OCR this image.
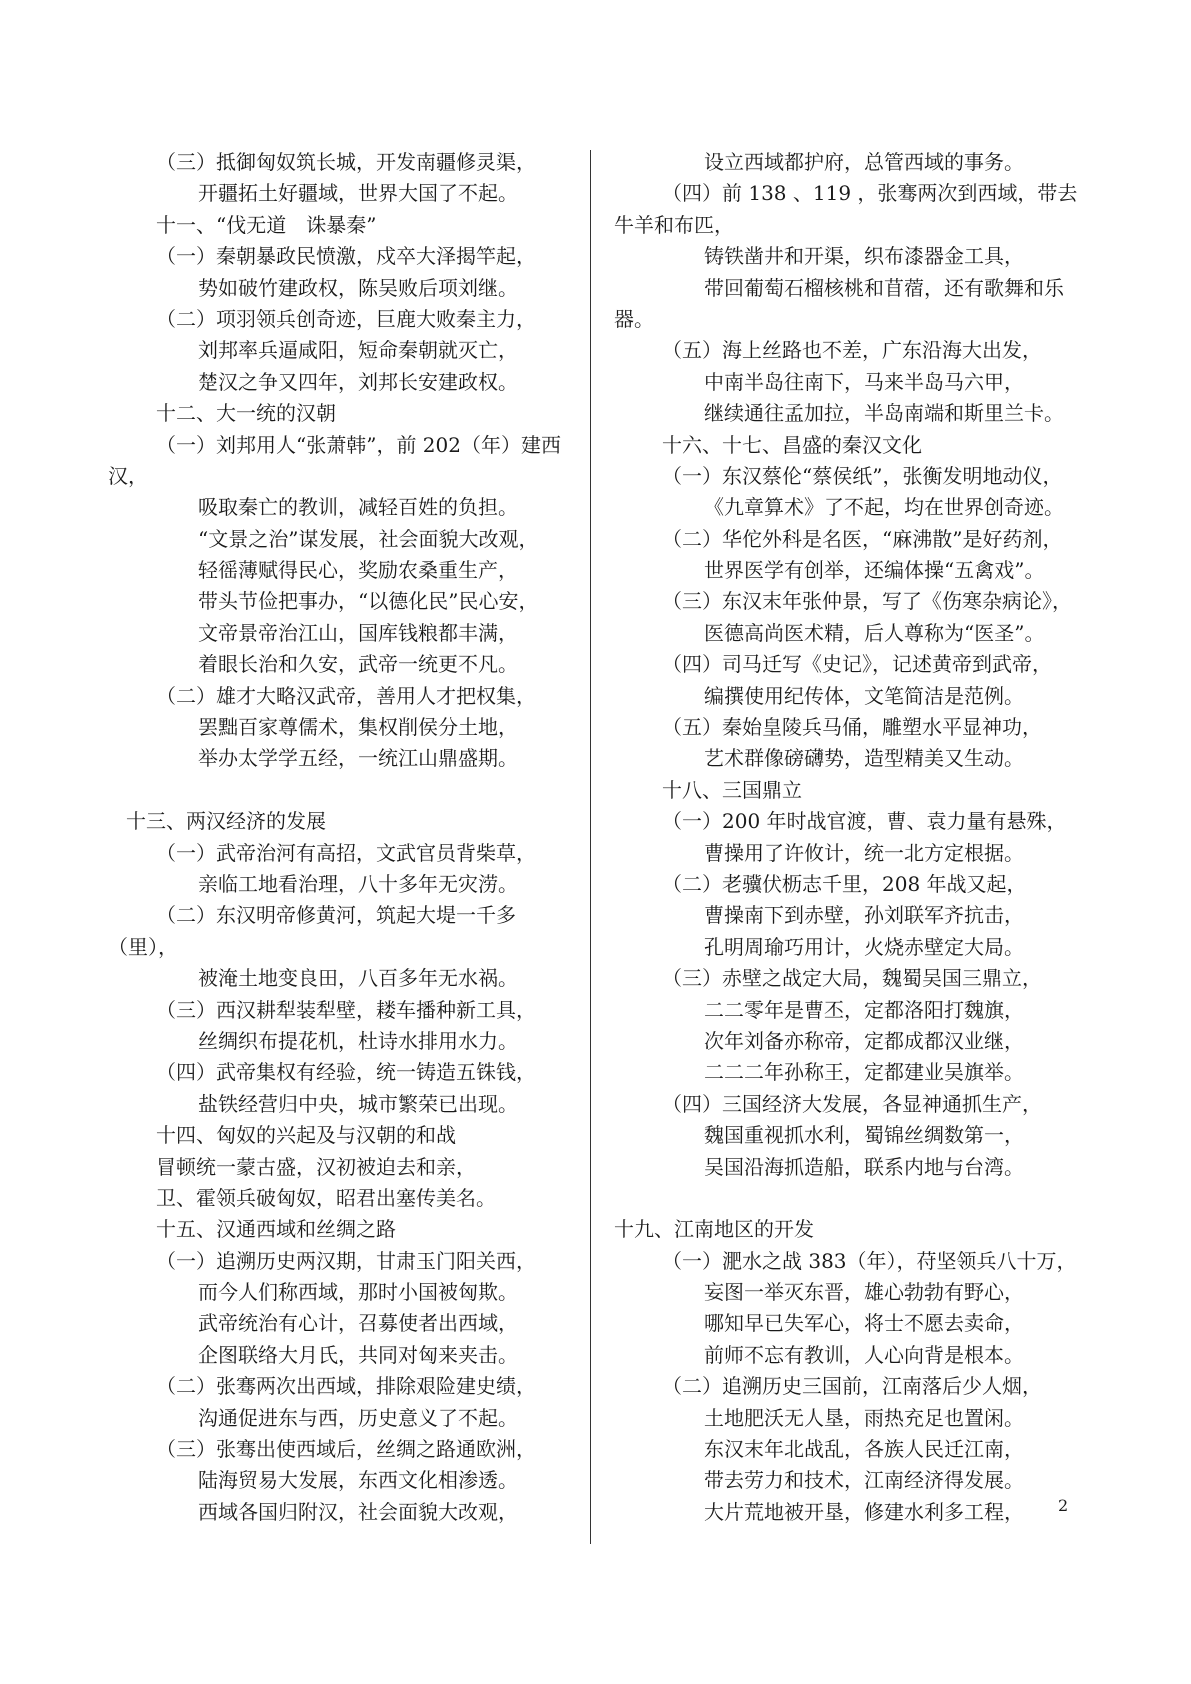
（三）抵御匈奴筑长城，开发南疆修灵渠，
开疆拓土好疆域，世界大国了不起。
十一、“伐无道　诛暴秦”
（一）秦朝暴政民愤激，戍卒大泽揭竿起，
势如破竹建政权，陈吴败后项刘继。
（二）项羽领兵创奇迹，巨鹿大败秦主力，
刘邦率兵逼咸阳，短命秦朝就灭亡，
楚汉之争又四年，刘邦长安建政权。
十二、大一统的汉朝
（一）刘邦用人“张萧韩”，前 202（年）建西
汉，
吸取秦亡的教训，减轻百姓的负担。
“文景之治”谋发展，社会面貌大改观，
轻徭薄赋得民心，奖励农桑重生产，
带头节俭把事办，“以德化民”民心安，
文帝景帝治江山，国库钱粮都丰满，
着眼长治和久安，武帝一统更不凡。
（二）雄才大略汉武帝，善用人才把权集，
罢黜百家尊儒术，集权削侯分土地，
举办太学学五经，一统江山鼎盛期。
十三、两汉经济的发展
（一）武帝治河有高招，文武官员背柴草，
亲临工地看治理，八十多年无灾涝。
（二）东汉明帝修黄河，筑起大堤一千多
（里），
被淹土地变良田，八百多年无水祸。
（三）西汉耕犁装犁壁，耧车播种新工具，
丝绸织布提花机，杜诗水排用水力。
（四）武帝集权有经验，统一铸造五铢钱，
盐铁经营归中央，城市繁荣已出现。
十四、匈奴的兴起及与汉朝的和战
冒顿统一蒙古盛，汉初被迫去和亲，
卫、霍领兵破匈奴，昭君出塞传美名。
十五、汉通西域和丝绸之路
（一）追溯历史两汉期，甘肃玉门阳关西，
而今人们称西域，那时小国被匈欺。
武帝统治有心计，召募使者出西域，
企图联络大月氏，共同对匈来夹击。
（二）张骞两次出西域，排除艰险建史绩，
沟通促进东与西，历史意义了不起。
（三）张骞出使西域后，丝绸之路通欧洲，
陆海贸易大发展，东西文化相渗透。
西域各国归附汉，社会面貌大改观，
设立西域都护府，总管西域的事务。
（四）前 138 、119 ，张骞两次到西域，带去
牛羊和布匹，
铸铁凿井和开渠，织布漆器金工具，
带回葡萄石榴核桃和苜蓿，还有歌舞和乐
器。
（五）海上丝路也不差，广东沿海大出发，
中南半岛往南下，马来半岛马六甲，
继续通往孟加拉，半岛南端和斯里兰卡。
十六、十七、昌盛的秦汉文化
（一）东汉蔡伦“蔡侯纸”，张衡发明地动仪，
《九章算术》了不起，均在世界创奇迹。
（二）华佗外科是名医，“麻沸散”是好药剂，
世界医学有创举，还编体操“五禽戏”。
（三）东汉末年张仲景，写了《伤寒杂病论》，
医德高尚医术精，后人尊称为“医圣”。
（四）司马迁写《史记》，记述黄帝到武帝，
编撰使用纪传体，文笔简洁是范例。
（五）秦始皇陵兵马俑，雕塑水平显神功，
艺术群像磅礴势，造型精美又生动。
十八、三国鼎立
（一）200 年时战官渡，曹、袁力量有悬殊，
曹操用了许攸计，统一北方定根据。
（二）老骥伏枥志千里，208 年战又起，
曹操南下到赤壁，孙刘联军齐抗击，
孔明周瑜巧用计，火烧赤壁定大局。
（三）赤壁之战定大局，魏蜀吴国三鼎立，
二二零年是曹丕，定都洛阳打魏旗，
次年刘备亦称帝，定都成都汉业继，
二二二年孙称王，定都建业吴旗举。
（四）三国经济大发展，各显神通抓生产，
魏国重视抓水利，蜀锦丝绸数第一，
吴国沿海抓造船，联系内地与台湾。
十九、江南地区的开发
（一）淝水之战 383（年），苻坚领兵八十万，
妄图一举灭东晋，雄心勃勃有野心，
哪知早已失军心，将士不愿去卖命，
前师不忘有教训，人心向背是根本。
（二）追溯历史三国前，江南落后少人烟，
土地肥沃无人垦，雨热充足也置闲。
东汉末年北战乱，各族人民迁江南，
带去劳力和技术，江南经济得发展。
大片荒地被开垦，修建水利多工程，	2
